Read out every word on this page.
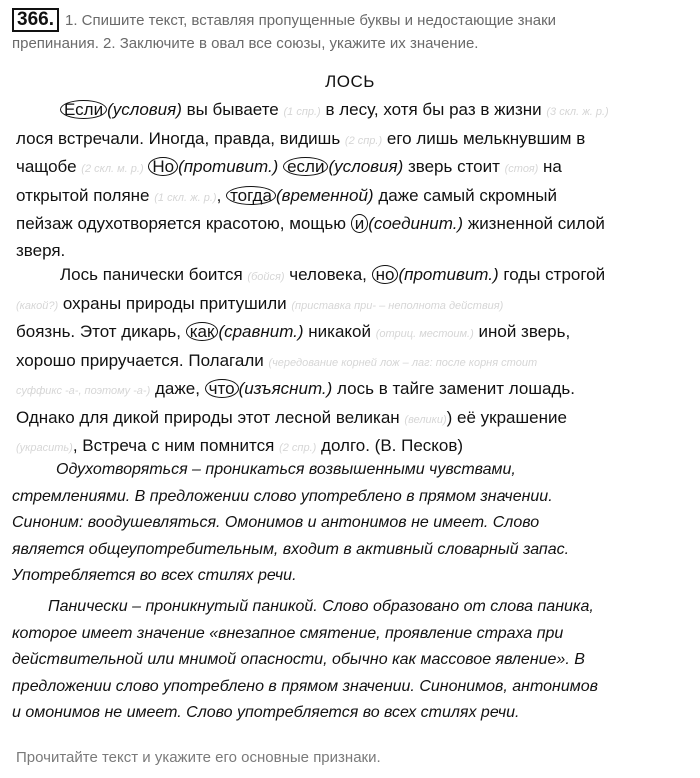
366. 1. Спишите текст, вставляя пропущенные буквы и недостающие знаки
препинания. 2. Заключите в овал все союзы, укажите их значение.
ЛОСЬ
Если (условия) вы бываете (1 спр.) в лесу, хотя бы раз в жизни (3 скл. ж. р.)
лося встречали. Иногда, правда, видишь (2 спр.) его лишь мелькнувшим в
чащобе (2 скл. м. р.) Но (противит.) если (условия) зверь стоит (стоя) на
открытой поляне (1 скл. ж. р.), тогда (временной) даже самый скромный
пейзаж одухотворяется красотою, мощью и (соединит.) жизненной силой
зверя.
Лось панически боится (бойся) человека, но (противит.) годы строгой
(какой?) охраны природы притушили (приставка при- – неполнота действия)
боязнь. Этот дикарь, как (сравнит.) никакой (отриц. местоим.) иной зверь,
хорошо приручается. Полагали (чередование корней лож – лаг: после корня стоит
суффикс -а-, поэтому -а-) даже, что (изъяснит.) лось в тайге заменит лошадь.
Однако для дикой природы этот лесной великан (велики)) её украшение
(украсить), Встреча с ним помнится (2 спр.) долго. (В. Песков)
Одухотворяться – проникаться возвышенными чувствами,
стремлениями. В предложении слово употреблено в прямом значении.
Синоним: воодушевляться. Омонимов и антонимов не имеет. Слово
является общеупотребительным, входит в активный словарный запас.
Употребляется во всех стилях речи.
Панически – проникнутый паникой. Слово образовано от слова паника,
которое имеет значение «внезапное смятение, проявление страха при
действительной или мнимой опасности, обычно как массовое явление». В
предложении слово употреблено в прямом значении. Синонимов, антонимов
и омонимов не имеет. Слово употребляется во всех стилях речи.
Прочитайте текст и укажите его основные признаки.
